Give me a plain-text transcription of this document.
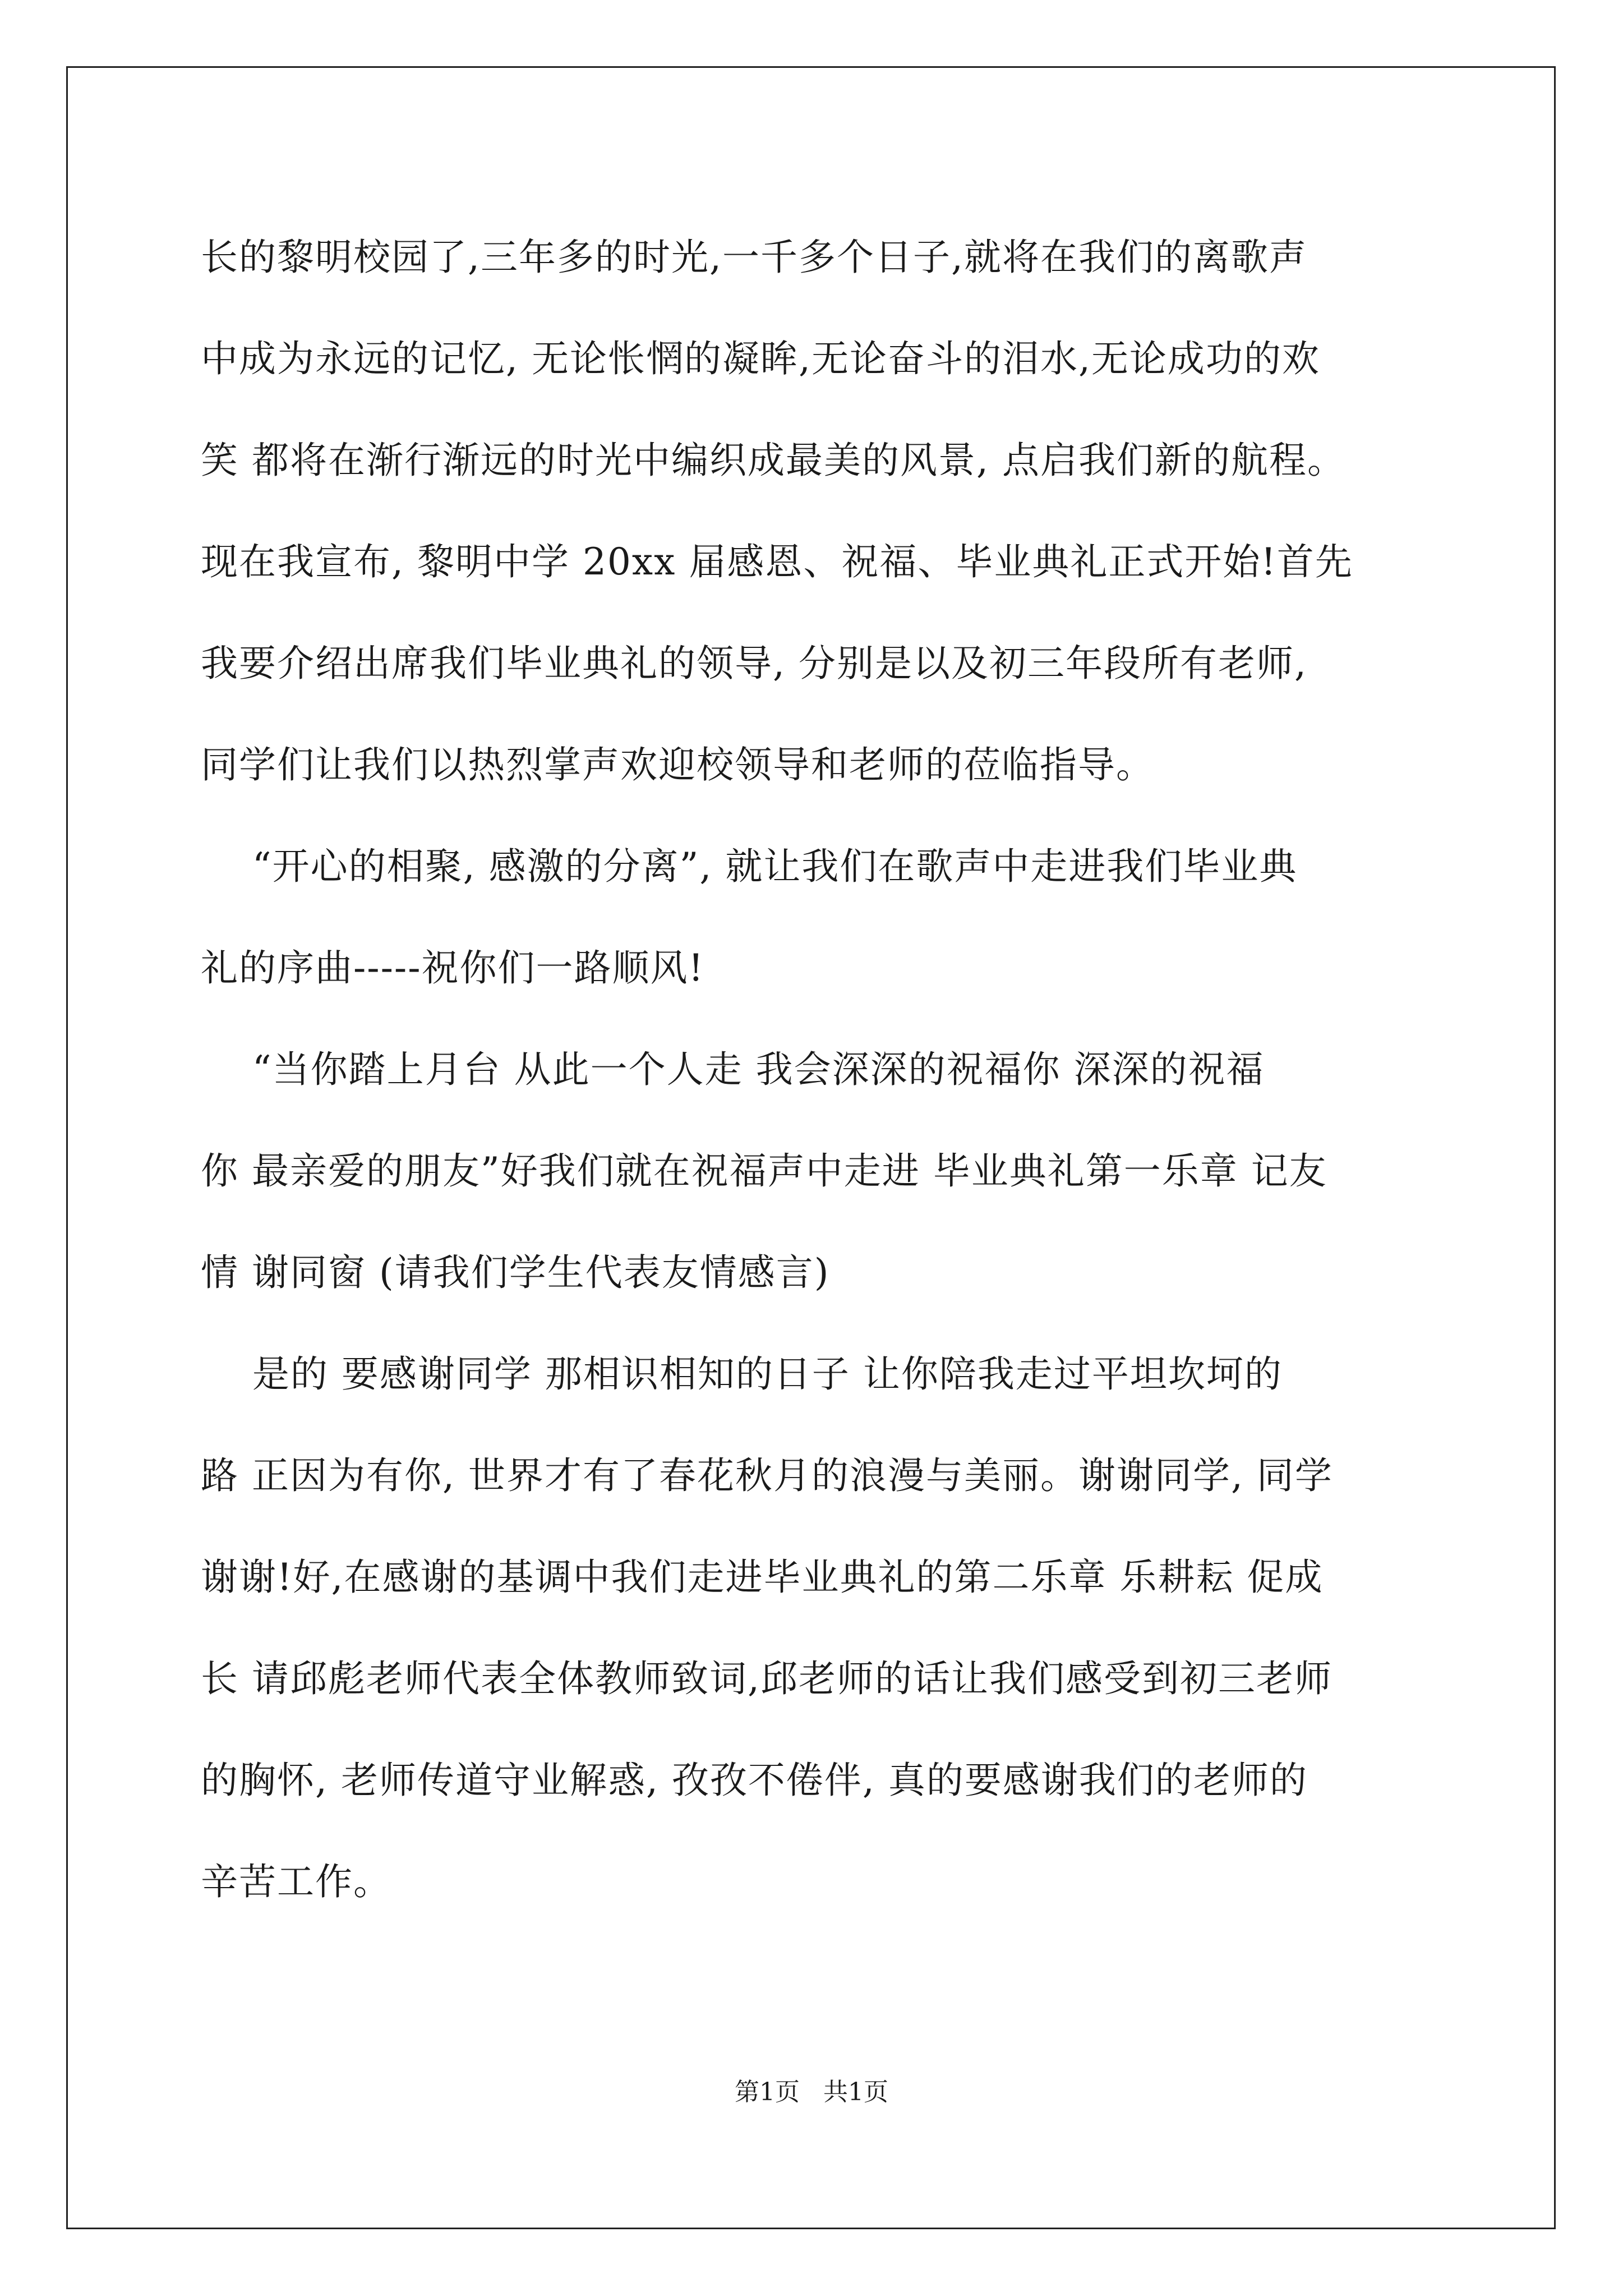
长的黎明校园了,三年多的时光,一千多个日子,就将在我们的离歌声
中成为永远的记忆, 无论怅惘的凝眸,无论奋斗的泪水,无论成功的欢
笑 都将在渐行渐远的时光中编织成最美的风景, 点启我们新的航程。
现在我宣布, 黎明中学 20xx 届感恩、祝福、毕业典礼正式开始!首先
我要介绍出席我们毕业典礼的领导, 分别是以及初三年段所有老师,
同学们让我们以热烈掌声欢迎校领导和老师的莅临指导。
“开心的相聚, 感激的分离”, 就让我们在歌声中走进我们毕业典
礼的序曲-----祝你们一路顺风!
“当你踏上月台 从此一个人走 我会深深的祝福你 深深的祝福
你 最亲爱的朋友”好我们就在祝福声中走进 毕业典礼第一乐章 记友
情 谢同窗 (请我们学生代表友情感言)
是的 要感谢同学 那相识相知的日子 让你陪我走过平坦坎坷的
路 正因为有你, 世界才有了春花秋月的浪漫与美丽。谢谢同学, 同学
谢谢!好,在感谢的基调中我们走进毕业典礼的第二乐章 乐耕耘 促成
长 请邱彪老师代表全体教师致词,邱老师的话让我们感受到初三老师
的胸怀, 老师传道守业解惑, 孜孜不倦伴, 真的要感谢我们的老师的
辛苦工作。
第1页   共1页
